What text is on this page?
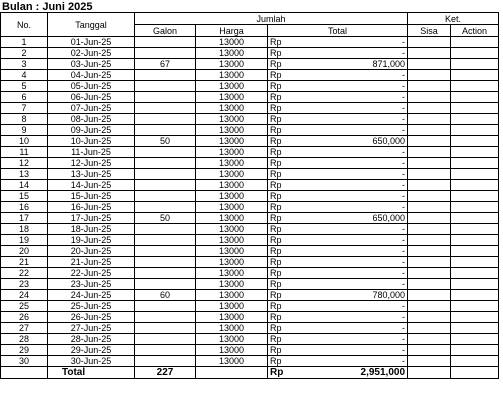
Bulan : Juni 2025
No.	Tanggal	Jumlah				Ket.	
		Galon	Harga	Total		Sisa	Action
1	01-Jun-25		13000	Rp	-		
2	02-Jun-25		13000	Rp	-		
3	03-Jun-25	67	13000	Rp	871,000		
4	04-Jun-25		13000	Rp	-		
5	05-Jun-25		13000	Rp	-		
6	06-Jun-25		13000	Rp	-		
7	07-Jun-25		13000	Rp	-		
8	08-Jun-25		13000	Rp	-		
9	09-Jun-25		13000	Rp	-		
10	10-Jun-25	50	13000	Rp	650,000		
11	11-Jun-25		13000	Rp	-		
12	12-Jun-25		13000	Rp	-		
13	13-Jun-25		13000	Rp	-		
14	14-Jun-25		13000	Rp	-		
15	15-Jun-25		13000	Rp	-		
16	16-Jun-25		13000	Rp	-		
17	17-Jun-25	50	13000	Rp	650,000		
18	18-Jun-25		13000	Rp	-		
19	19-Jun-25		13000	Rp	-		
20	20-Jun-25		13000	Rp	-		
21	21-Jun-25		13000	Rp	-		
22	22-Jun-25		13000	Rp	-		
23	23-Jun-25		13000	Rp	-		
24	24-Jun-25	60	13000	Rp	780,000		
25	25-Jun-25		13000	Rp	-		
26	26-Jun-25		13000	Rp	-		
27	27-Jun-25		13000	Rp	-		
28	28-Jun-25		13000	Rp	-		
29	29-Jun-25		13000	Rp	-		
30	30-Jun-25		13000	Rp	-		
	Total	227		Rp	2,951,000		
